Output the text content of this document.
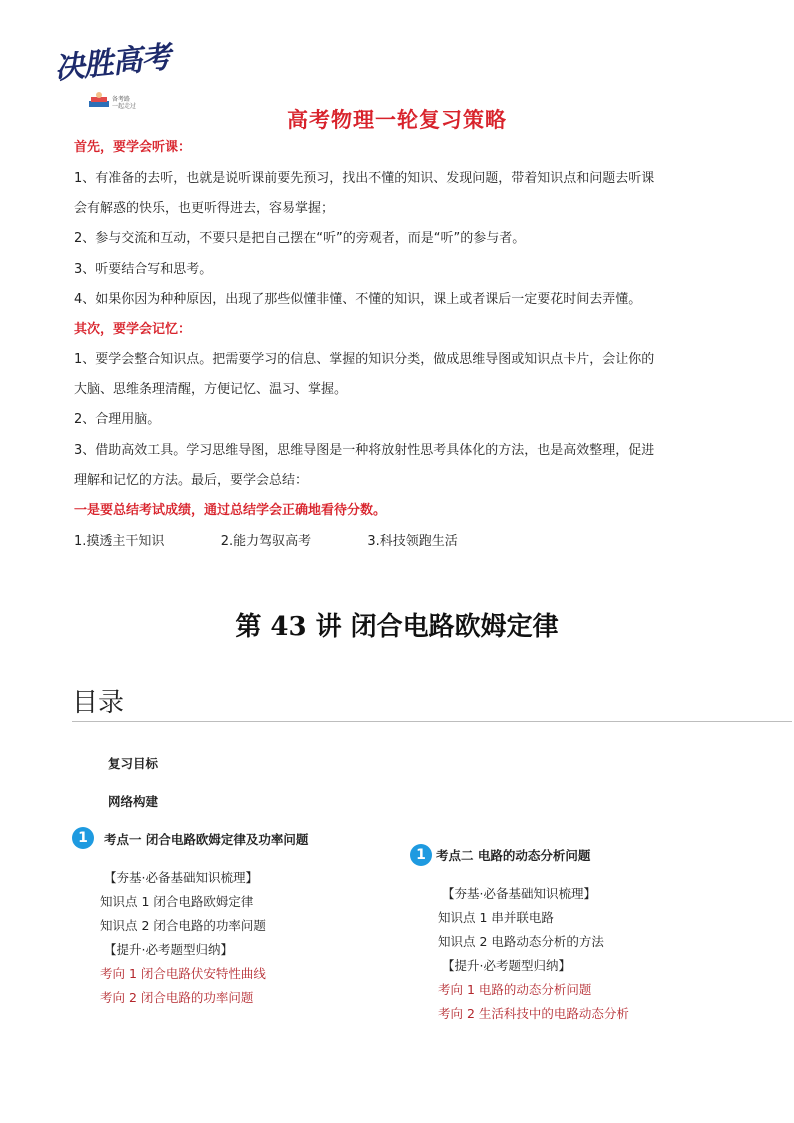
决胜高考
备考路
一起走过
高考物理一轮复习策略
首先，要学会听课：
1、有准备的去听，也就是说听课前要先预习，找出不懂的知识、发现问题，带着知识点和问题去听课
会有解惑的快乐，也更听得进去，容易掌握；
2、参与交流和互动，不要只是把自己摆在“听”的旁观者，而是“听”的参与者。
3、听要结合写和思考。
4、如果你因为种种原因，出现了那些似懂非懂、不懂的知识，课上或者课后一定要花时间去弄懂。
其次，要学会记忆：
1、要学会整合知识点。把需要学习的信息、掌握的知识分类，做成思维导图或知识点卡片，会让你的
大脑、思维条理清醒，方便记忆、温习、掌握。
2、合理用脑。
3、借助高效工具。学习思维导图，思维导图是一种将放射性思考具体化的方法，也是高效整理，促进
理解和记忆的方法。最后，要学会总结：
一是要总结考试成绩，通过总结学会正确地看待分数。
1.摸透主干知识	2.能力驾驭高考	3.科技领跑生活
第 43 讲 闭合电路欧姆定律
目录
复习目标
网络构建
1	考点一 闭合电路欧姆定律及功率问题
【夯基·必备基础知识梳理】
知识点 1 闭合电路欧姆定律
知识点 2 闭合电路的功率问题
【提升·必考题型归纳】
考向 1 闭合电路伏安特性曲线
考向 2 闭合电路的功率问题
1 考点二 电路的动态分析问题
【夯基·必备基础知识梳理】
知识点 1 串并联电路
知识点 2 电路动态分析的方法
【提升·必考题型归纳】
考向 1 电路的动态分析问题
考向 2 生活科技中的电路动态分析
